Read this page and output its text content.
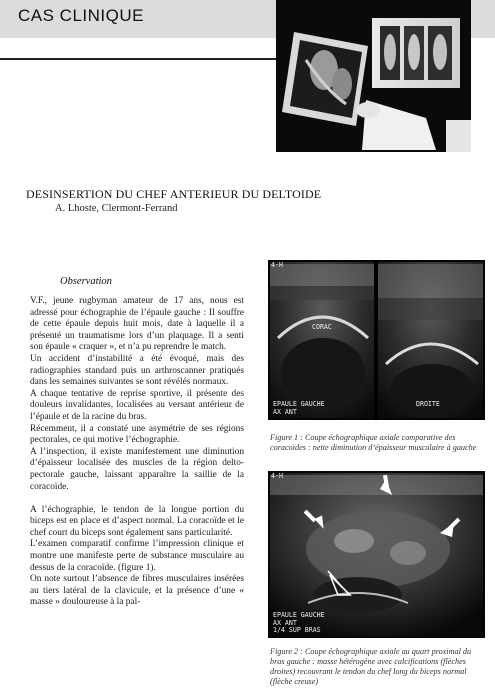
CAS CLINIQUE
DESINSERTION DU CHEF ANTERIEUR DU DELTOIDE
A. Lhoste, Clermont-Ferrand
Observation

V.F., jeune rugbyman amateur de 17 ans, nous est adressé pour échographie de l’épaule gauche : Il souffre de cette épaule depuis huit mois, date à laquelle il a présenté un traumatisme lors d’un plaquage. Il a senti son épaule « craquer », et n’a pu reprendre le match.

Un accident d’instabilité a été évoqué, mais des radiographies standard puis un arthroscanner pratiqués dans les semaines suivantes se sont révélés normaux.

A chaque tentative de reprise sportive, il présente des douleurs invalidantes, localisées au versant antérieur de l’épaule et de la racine du bras.

Récemment, il a constaté une asymétrie de ses régions pectorales, ce qui motive l’échographie.

A l’inspection, il existe manifestement une diminution d’épaisseur localisée des muscles de la région delto-pectorale gauche, laissant apparaître la saillie de la coracoïde.

A l’échographie, le tendon de la longue portion du biceps est en place et d’aspect normal. La coracoïde et le chef court du biceps sont également sans particularité.

L’examen comparatif confirme l’impression clinique et montre une manifeste perte de substance musculaire au dessus de la coracoïde. (figure 1).

On note surtout l’absence de fibres musculaires insérées au tiers latéral de la clavicule, et la présence d’une « masse » douloureuse à la pal-

4-H
CORAC
EPAULE GAUCHE
AX ANT
DROITE
Figure 1 : Coupe échographique axiale comparative des coracoïdes : nette diminution d’épaisseur musculaire à gauche
4-H
EPAULE GAUCHE
AX ANT
1/4 SUP BRAS
Figure 2 : Coupe échographique axiale au quart proximal du bras gauche : masse hétérogène avec calcifications (flèches droites) recouvrant le tendon du chef long du biceps normal (flèche creuse)
